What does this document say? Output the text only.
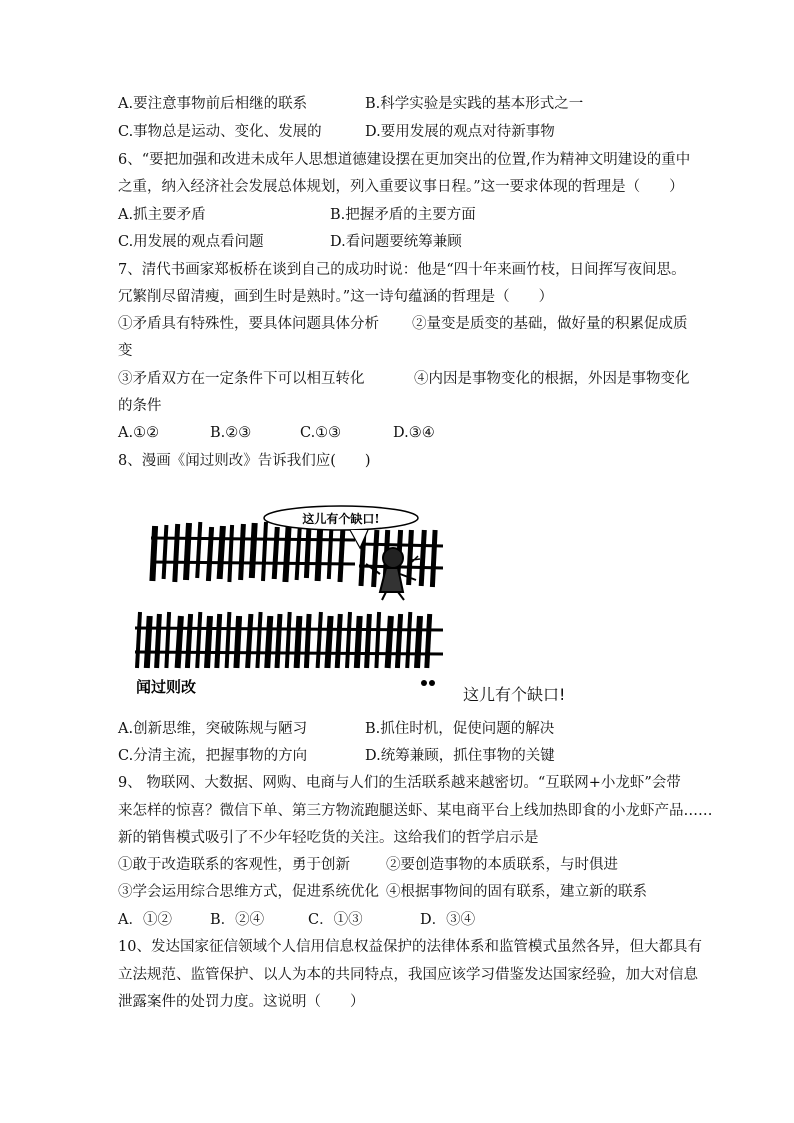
A.要注意事物前后相继的联系	B.科学实验是实践的基本形式之一
C.事物总是运动、变化、发展的	D.要用发展的观点对待新事物
6、“要把加强和改进未成年人思想道德建设摆在更加突出的位置,作为精神文明建设的重中
之重，纳入经济社会发展总体规划，列入重要议事日程。”这一要求体现的哲理是（　　）
A.抓主要矛盾	B.把握矛盾的主要方面
C.用发展的观点看问题	D.看问题要统筹兼顾
7、清代书画家郑板桥在谈到自己的成功时说：他是“四十年来画竹枝，日间挥写夜间思。
冗繁削尽留清瘦，画到生时是熟时。”这一诗句蕴涵的哲理是（　　）
①矛盾具有特殊性，要具体问题具体分析 ②量变是质变的基础，做好量的积累促成质
变
③矛盾双方在一定条件下可以相互转化	④内因是事物变化的根据，外因是事物变化
的条件
A.①②	B.②③	C.①③	D.③④
8、漫画《闻过则改》告诉我们应(　　)
这儿有个缺口!
闻过则改	这儿有个缺口!
A.创新思维，突破陈规与陋习	B.抓住时机，促使问题的解决
C.分清主流，把握事物的方向	D.统筹兼顾，抓住事物的关键
9、 物联网、大数据、网购、电商与人们的生活联系越来越密切。“互联网+小龙虾”会带
来怎样的惊喜？微信下单、第三方物流跑腿送虾、某电商平台上线加热即食的小龙虾产品……
新的销售模式吸引了不少年轻吃货的关注。这给我们的哲学启示是
①敢于改造联系的客观性，勇于创新 ②要创造事物的本质联系，与时俱进
③学会运用综合思维方式，促进系统优化 ④根据事物间的固有联系，建立新的联系
A．①②	B．②④	C．①③	D．③④
10、发达国家征信领域个人信用信息权益保护的法律体系和监管模式虽然各异，但大都具有
立法规范、监管保护、以人为本的共同特点，我国应该学习借鉴发达国家经验，加大对信息
泄露案件的处罚力度。这说明（　　）
